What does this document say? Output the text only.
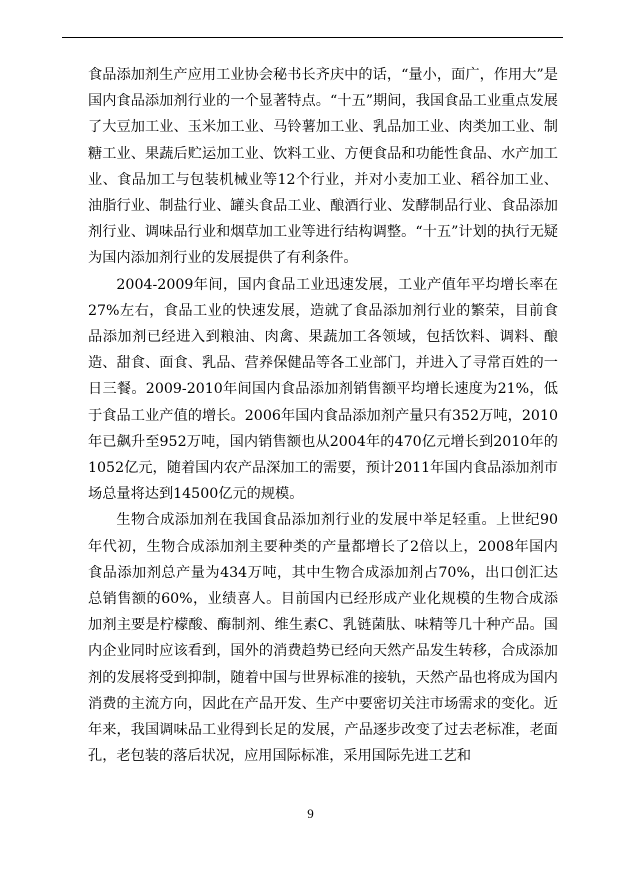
食品添加剂生产应用工业协会秘书长齐庆中的话，“量小，面广，作用大”是国内食品添加剂行业的一个显著特点。“十五”期间，我国食品工业重点发展了大豆加工业、玉米加工业、马铃薯加工业、乳品加工业、肉类加工业、制糖工业、果蔬后贮运加工业、饮料工业、方便食品和功能性食品、水产加工业、食品加工与包装机械业等12个行业，并对小麦加工业、稻谷加工业、油脂行业、制盐行业、罐头食品工业、酿酒行业、发酵制品行业、食品添加剂行业、调味品行业和烟草加工业等进行结构调整。“十五”计划的执行无疑为国内添加剂行业的发展提供了有利条件。

2004-2009年间，国内食品工业迅速发展，工业产值年平均增长率在27%左右，食品工业的快速发展，造就了食品添加剂行业的繁荣，目前食品添加剂已经进入到粮油、肉禽、果蔬加工各领域，包括饮料、调料、酿造、甜食、面食、乳品、营养保健品等各工业部门，并进入了寻常百姓的一日三餐。2009-2010年间国内食品添加剂销售额平均增长速度为21%，低于食品工业产值的增长。2006年国内食品添加剂产量只有352万吨，2010年已飙升至952万吨，国内销售额也从2004年的470亿元增长到2010年的1052亿元，随着国内农产品深加工的需要，预计2011年国内食品添加剂市场总量将达到14500亿元的规模。

生物合成添加剂在我国食品添加剂行业的发展中举足轻重。上世纪90年代初，生物合成添加剂主要种类的产量都增长了2倍以上，2008年国内食品添加剂总产量为434万吨，其中生物合成添加剂占70%，出口创汇达总销售额的60%，业绩喜人。目前国内已经形成产业化规模的生物合成添加剂主要是柠檬酸、酶制剂、维生素C、乳链菌肽、味精等几十种产品。国内企业同时应该看到，国外的消费趋势已经向天然产品发生转移，合成添加剂的发展将受到抑制，随着中国与世界标准的接轨，天然产品也将成为国内消费的主流方向，因此在产品开发、生产中要密切关注市场需求的变化。近年来，我国调味品工业得到长足的发展，产品逐步改变了过去老标准，老面孔，老包装的落后状况，应用国际标准，采用国际先进工艺和

9
